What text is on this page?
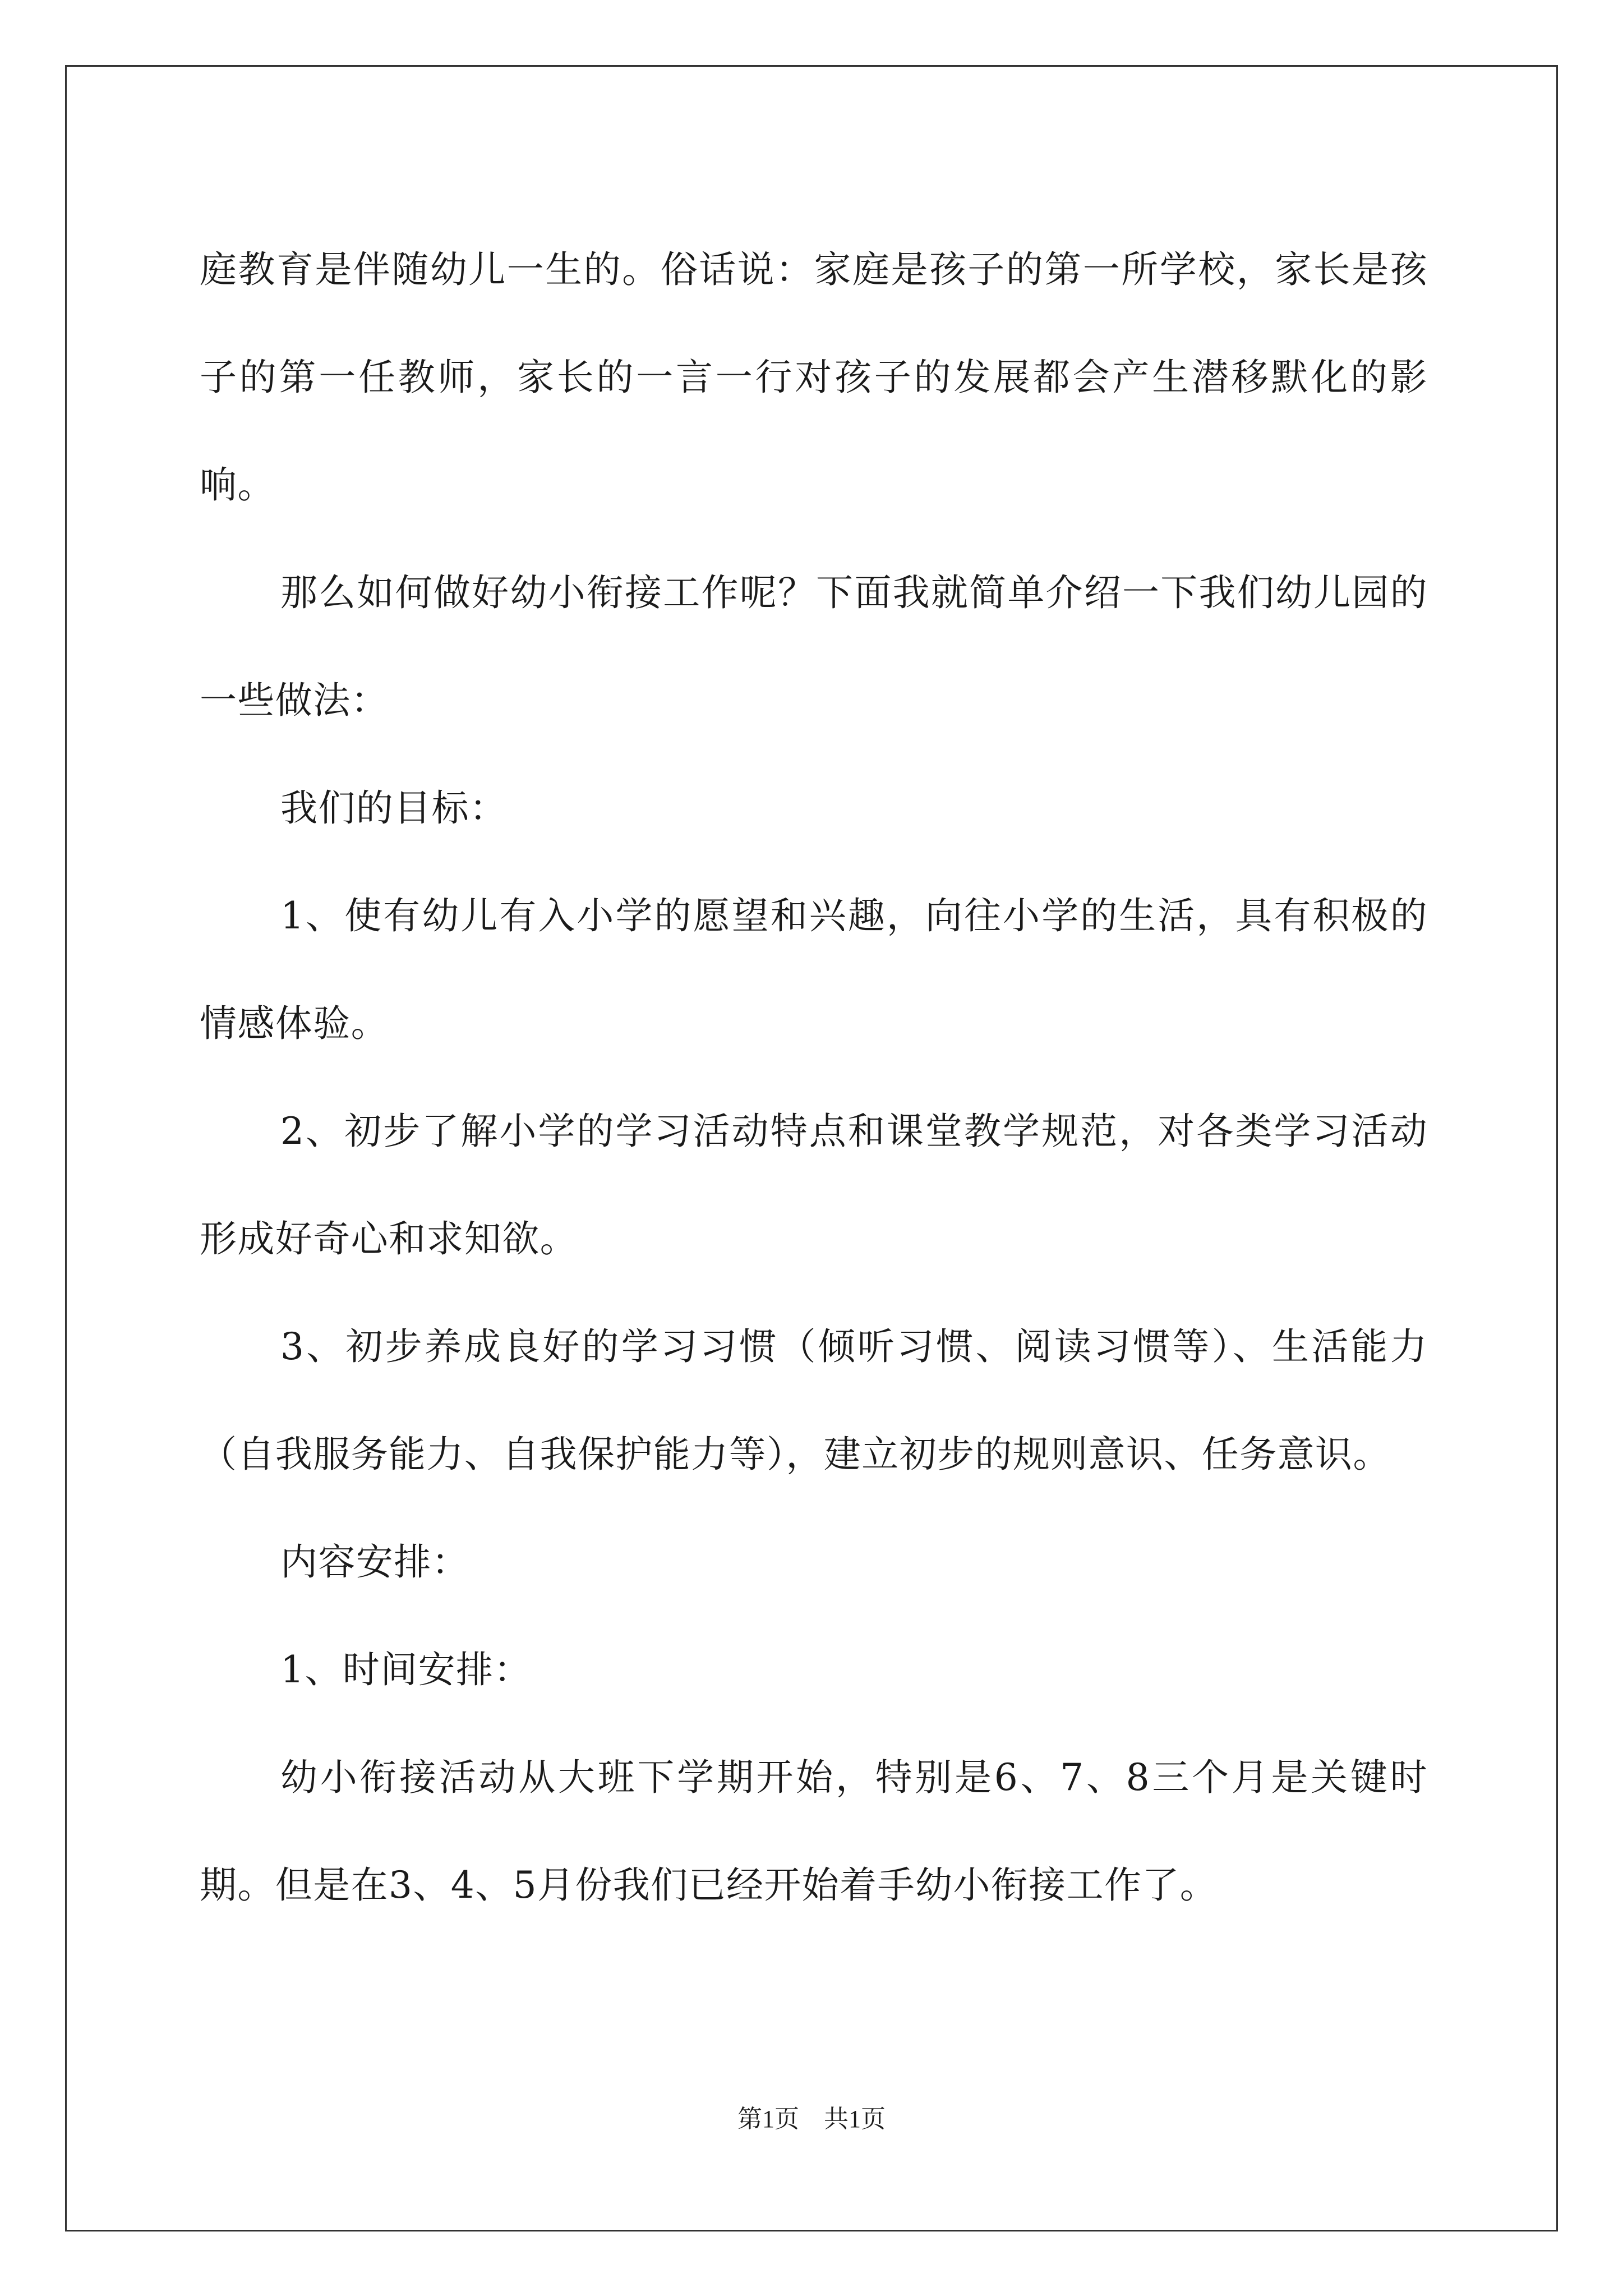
庭教育是伴随幼儿一生的。俗话说：家庭是孩子的第一所学校，家长是孩子的第一任教师，家长的一言一行对孩子的发展都会产生潜移默化的影响。

那么如何做好幼小衔接工作呢？下面我就简单介绍一下我们幼儿园的一些做法：

我们的目标：

1、使有幼儿有入小学的愿望和兴趣，向往小学的生活，具有积极的情感体验。

2、初步了解小学的学习活动特点和课堂教学规范，对各类学习活动形成好奇心和求知欲。

3、初步养成良好的学习习惯（倾听习惯、阅读习惯等）、生活能力（自我服务能力、自我保护能力等），建立初步的规则意识、任务意识。

内容安排：

1、时间安排：

幼小衔接活动从大班下学期开始，特别是6、7、8三个月是关键时期。但是在3、4、5月份我们已经开始着手幼小衔接工作了。

第1页 共1页
